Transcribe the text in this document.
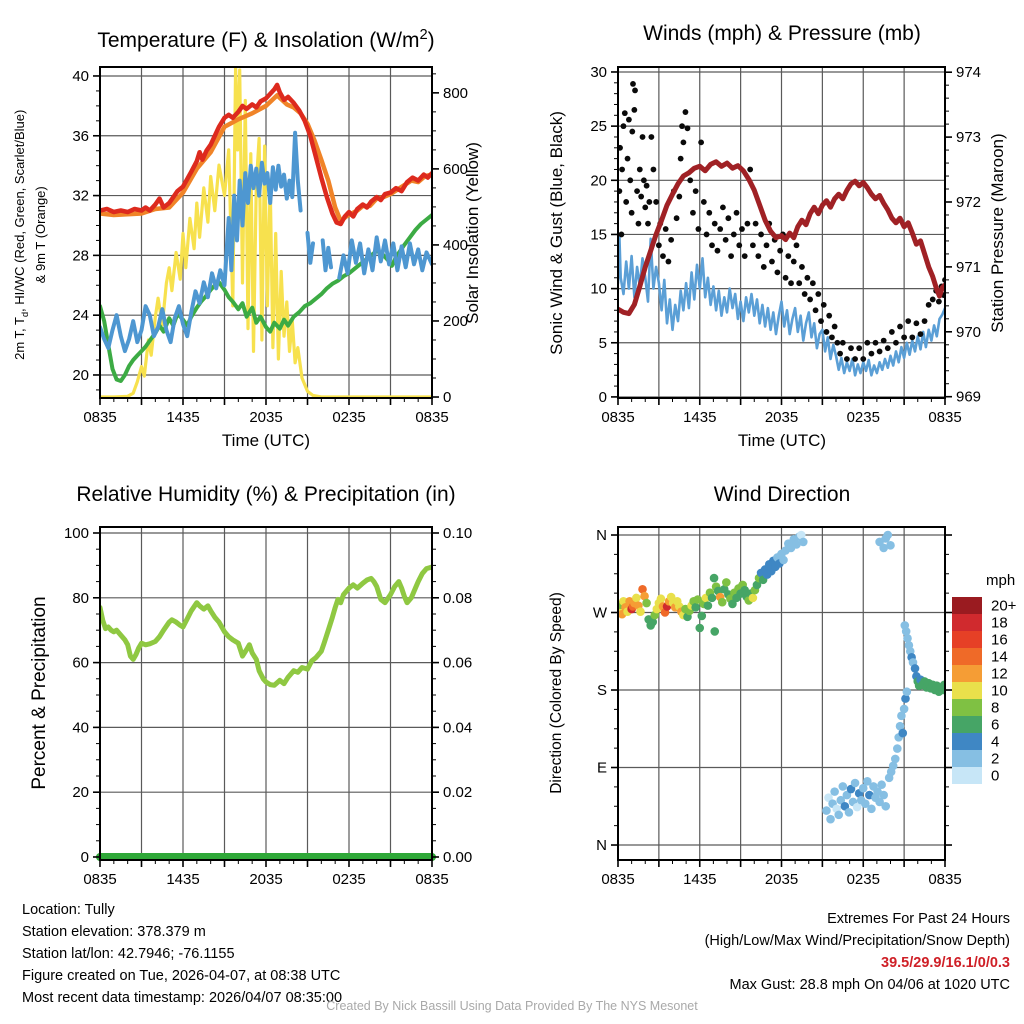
0835	1435	2035	0235	0835
20
24
28
32
36
40
0
200
400
600
800
0835	1435	2035	0235	0835
0
5
10
15
20
25
30
969
970
971
972
973
974
0835	1435	2035	0235	0835
0
20
40
60
80
100
0.00
0.02
0.04
0.06
0.08
0.10
0835	1435	2035	0235	0835
N
E
S
W
N
20+
18
16
14
12
10
8
6
4
2
0
Temperature (F) & Insolation $(W/m^2)$	Winds (mph) & Pressure (mb)
Relative Humidity (%) & Precipitation (in)	Wind Direction
2m T, $T_d$, HI/WC (Red, Green, Scarlet/Blue) & 9m T (Orange)	Solar Insolation (Yellow)	Sonic Wind & Gust (Blue, Black)	Station Pressure (Maroon)
Percent & Precipitation	Direction (Colored By Speed)
Time (UTC)	Time (UTC)
mph
Location: Tully
Station elevation: 378.379 m
Station lat/lon: 42.7946; -76.1155
Figure created on Tue, 2026-04-07, at 08:38 UTC
Most recent data timestamp: 2026/04/07 08:35:00
Extremes For Past 24 Hours
(High/Low/Max Wind/Precipitation/Snow Depth)
39.5/29.9/16.1/0/0.3
Max Gust: 28.8 mph On 04/06 at 1020 UTC
Created By Nick Bassill Using Data Provided By The NYS Mesonet
